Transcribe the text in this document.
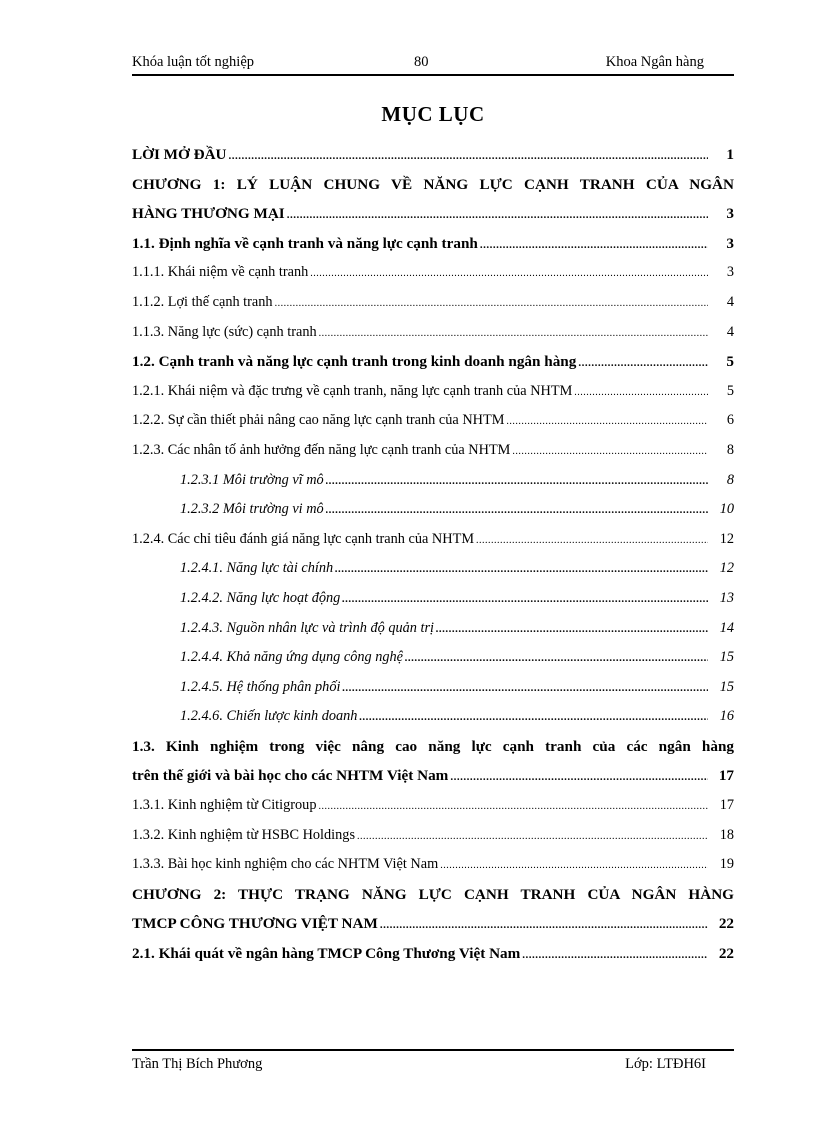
Khóa luận tốt nghiệp	80	Khoa Ngân hàng
MỤC LỤC
LỜI MỞ ĐẦU .....	1
CHƯƠNG 1: LÝ LUẬN CHUNG VỀ NĂNG LỰC CẠNH TRANH CỦA NGÂN
HÀNG THƯƠNG MẠI .....	3
1.1. Định nghĩa về cạnh tranh và năng lực cạnh tranh .....	3
1.1.1. Khái niệm về cạnh tranh .....	3
1.1.2. Lợi thế cạnh tranh .....	4
1.1.3. Năng lực (sức) cạnh tranh .....	4
1.2. Cạnh tranh và năng lực cạnh tranh trong kinh doanh ngân hàng .....	5
1.2.1. Khái niệm và đặc trưng về cạnh tranh, năng lực cạnh tranh của NHTM .....	5
1.2.2. Sự cần thiết phải nâng cao năng lực cạnh tranh của NHTM .....	6
1.2.3. Các nhân tố ảnh hưởng đến năng lực cạnh tranh của NHTM .....	8
1.2.3.1 Môi trường vĩ mô .....	8
1.2.3.2 Môi trường vi mô .....	10
1.2.4. Các chỉ tiêu đánh giá năng lực cạnh tranh của NHTM .....	12
1.2.4.1. Năng lực tài chính .....	12
1.2.4.2. Năng lực hoạt động .....	13
1.2.4.3. Nguồn nhân lực và trình độ quản trị .....	14
1.2.4.4. Khả năng ứng dụng công nghệ .....	15
1.2.4.5. Hệ thống phân phối .....	15
1.2.4.6. Chiến lược kinh doanh .....	16
1.3. Kinh nghiệm trong việc nâng cao năng lực cạnh tranh của các ngân hàng
trên thế giới và bài học cho các NHTM Việt Nam .....	17
1.3.1. Kinh nghiệm từ Citigroup .....	17
1.3.2. Kinh nghiệm từ HSBC Holdings .....	18
1.3.3. Bài học kinh nghiệm cho các NHTM Việt Nam .....	19
CHƯƠNG 2: THỰC TRẠNG NĂNG LỰC CẠNH TRANH CỦA NGÂN HÀNG
TMCP CÔNG THƯƠNG VIỆT NAM .....	22
2.1. Khái quát về ngân hàng TMCP Công Thương Việt Nam .....	22
Trần Thị Bích Phương	Lớp: LTĐH6I
